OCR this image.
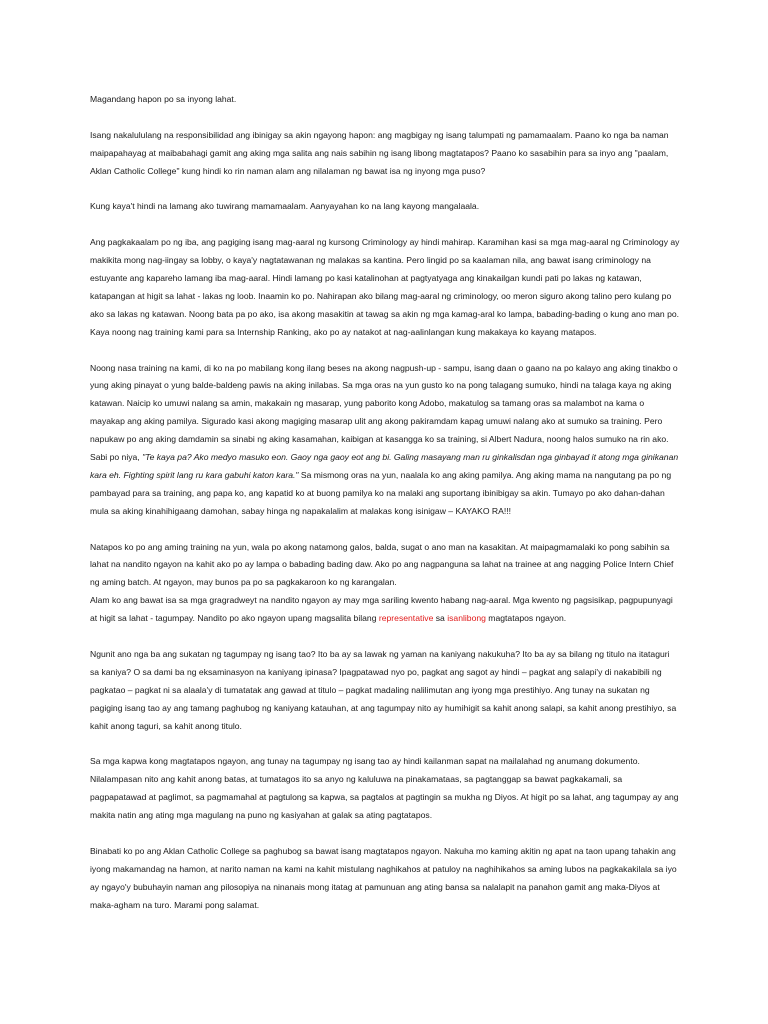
Magandang hapon po sa inyong lahat.

Isang nakalululang na responsibilidad ang ibinigay sa akin ngayong hapon: ang magbigay ng isang talumpati ng pamamaalam. Paano ko nga ba naman maipapahayag at maibabahagi gamit ang aking mga salita ang nais sabihin ng isang libong magtatapos? Paano ko sasabihin para sa inyo ang "paalam, Aklan Catholic College" kung hindi ko rin naman alam ang nilalaman ng bawat isa ng inyong mga puso?

Kung kaya't hindi na lamang ako tuwirang mamamaalam. Aanyayahan ko na lang kayong mangalaala.

Ang pagkakaalam po ng iba, ang pagiging isang mag-aaral ng kursong Criminology ay hindi mahirap. Karamihan kasi sa mga mag-aaral ng Criminology ay makikita mong nag-iingay sa lobby, o kaya'y nagtatawanan ng malakas sa kantina. Pero lingid po sa kaalaman nila, ang bawat isang criminology na estuyante ang kapareho lamang iba mag-aaral. Hindi lamang po kasi katalinohan at pagtyatyaga ang kinakailgan kundi pati po lakas ng katawan, katapangan at higit sa lahat - lakas ng loob. Inaamin ko po. Nahirapan ako bilang mag-aaral ng criminology, oo meron siguro akong talino pero kulang po ako sa lakas ng katawan. Noong bata pa po ako, isa akong masakitin at tawag sa akin ng mga kamag-aral ko lampa, babading-bading o kung ano man po. Kaya noong nag training kami para sa Internship Ranking, ako po ay natakot at nag-aalinlangan kung makakaya ko kayang matapos.

Noong nasa training na kami, di ko na po mabilang kong ilang beses na akong nagpush-up - sampu, isang daan o gaano na po kalayo ang aking tinakbo o yung aking pinayat o yung balde-baldeng pawis na aking inilabas. Sa mga oras na yun gusto ko na pong talagang sumuko, hindi na talaga kaya ng aking katawan. Naicip ko umuwi nalang sa amin, makakain ng masarap, yung paborito kong Adobo, makatulog sa tamang oras sa malambot na kama o mayakap ang aking pamilya. Sigurado kasi akong magiging masarap ulit ang akong pakiramdam kapag umuwi nalang ako at sumuko sa training. Pero napukaw po ang aking damdamin sa sinabi ng aking kasamahan, kaibigan at kasangga ko sa training, si Albert Nadura, noong halos sumuko na rin ako. Sabi po niya, "Te kaya pa? Ako medyo masuko eon. Gaoy nga gaoy eot ang bi. Galing masayang man ru ginkalisdan nga ginbayad it atong mga ginikanan kara eh. Fighting spirit lang ru kara gabuhi katon kara." Sa mismong oras na yun, naalala ko ang aking pamilya. Ang aking mama na nangutang pa po ng pambayad para sa training, ang papa ko, ang kapatid ko at buong pamilya ko na malaki ang suportang ibinibigay sa akin. Tumayo po ako dahan-dahan mula sa aking kinahihigaang damohan, sabay hinga ng napakalalim at malakas kong isinigaw – KAYAKO RA!!!

Natapos ko po ang aming training na yun, wala po akong natamong galos, balda, sugat o ano man na kasakitan. At maipagmamalaki ko pong sabihin sa lahat na nandito ngayon na kahit ako po ay lampa o babading bading daw. Ako po ang nagpanguna sa lahat na trainee at ang nagging Police Intern Chief ng aming batch. At ngayon, may bunos pa po sa pagkakaroon ko ng karangalan.

Alam ko ang bawat isa sa mga gragradweyt na nandito ngayon ay may mga sariling kwento habang nag-aaral. Mga kwento ng pagsisikap, pagpupunyagi at higit sa lahat - tagumpay. Nandito po ako ngayon upang magsalita bilang representative sa isanlibong magtatapos ngayon.

Ngunit ano nga ba ang sukatan ng tagumpay ng isang tao? Ito ba ay sa lawak ng yaman na kaniyang nakukuha? Ito ba ay sa bilang ng titulo na itataguri sa kaniya? O sa dami ba ng eksaminasyon na kaniyang ipinasa? Ipagpatawad nyo po, pagkat ang sagot ay hindi – pagkat ang salapi'y di nakabibili ng pagkatao – pagkat ni sa alaala'y di tumatatak ang gawad at titulo – pagkat madaling nalilimutan ang iyong mga prestihiyo. Ang tunay na sukatan ng pagiging isang tao ay ang tamang paghubog ng kaniyang katauhan, at ang tagumpay nito ay humihigit sa kahit anong salapi, sa kahit anong prestihiyo, sa kahit anong taguri, sa kahit anong titulo.

Sa mga kapwa kong magtatapos ngayon, ang tunay na tagumpay ng isang tao ay hindi kailanman sapat na mailalahad ng anumang dokumento. Nilalampasan nito ang kahit anong batas, at tumatagos ito sa anyo ng kaluluwa na pinakamataas, sa pagtanggap sa bawat pagkakamali, sa pagpapatawad at paglimot, sa pagmamahal at pagtulong sa kapwa, sa pagtalos at pagtingin sa mukha ng Diyos. At higit po sa lahat, ang tagumpay ay ang makita natin ang ating mga magulang na puno ng kasiyahan at galak sa ating pagtatapos.

Binabati ko po ang Aklan Catholic College sa paghubog sa bawat isang magtatapos ngayon. Nakuha mo kaming akitin ng apat na taon upang tahakin ang iyong makamandag na hamon, at narito naman na kami na kahit mistulang naghikahos at patuloy na naghihikahos sa aming lubos na pagkakakilala sa iyo ay ngayo'y bubuhayin naman ang pilosopiya na ninanais mong itatag at pamunuan ang ating bansa sa nalalapit na panahon gamit ang maka-Diyos at maka-agham na turo. Marami pong salamat.
